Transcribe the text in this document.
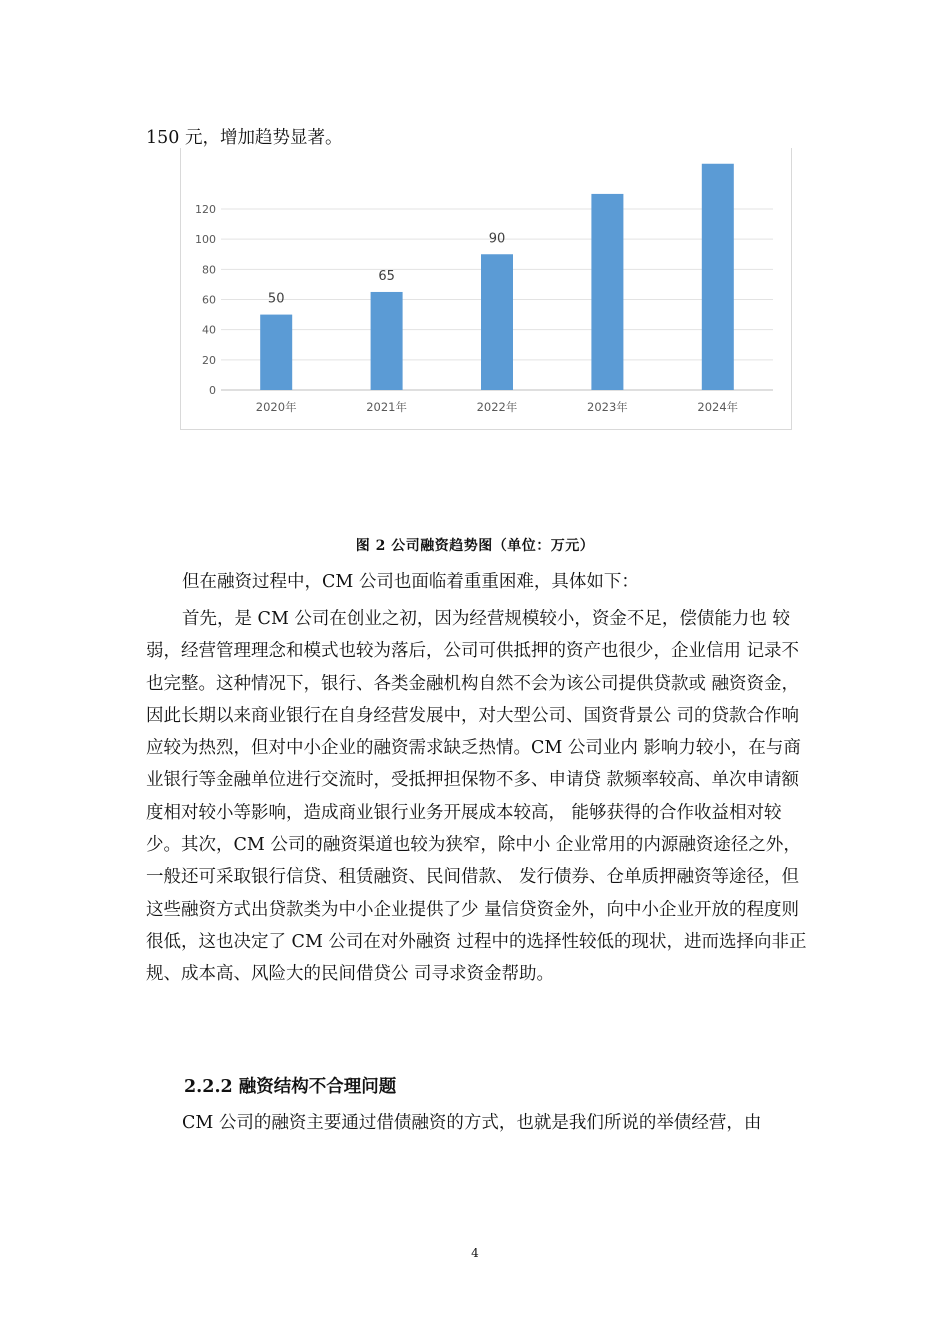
150 元，增加趋势显著。
0
20
40
60
80
100
120
2020年
50
2021年
65
2022年
90
2023年	2024年
图 2 公司融资趋势图（单位：万元）
但在融资过程中，CM 公司也面临着重重困难，具体如下：
首先，是 CM 公司在创业之初，因为经营规模较小，资金不足，偿债能力也 较弱，经营管理理念和模式也较为落后，公司可供抵押的资产也很少，企业信用 记录不也完整。这种情况下，银行、各类金融机构自然不会为该公司提供贷款或 融资资金，因此长期以来商业银行在自身经营发展中，对大型公司、国资背景公 司的贷款合作响应较为热烈，但对中小企业的融资需求缺乏热情。CM 公司业内 影响力较小，在与商业银行等金融单位进行交流时，受抵押担保物不多、申请贷 款频率较高、单次申请额度相对较小等影响，造成商业银行业务开展成本较高， 能够获得的合作收益相对较少。其次，CM 公司的融资渠道也较为狭窄，除中小 企业常用的内源融资途径之外，一般还可采取银行信贷、租赁融资、民间借款、 发行债券、仓单质押融资等途径，但这些融资方式出贷款类为中小企业提供了少 量信贷资金外，向中小企业开放的程度则很低，这也决定了 CM 公司在对外融资 过程中的选择性较低的现状，进而选择向非正规、成本高、风险大的民间借贷公 司寻求资金帮助。
2.2.2 融资结构不合理问题
CM 公司的融资主要通过借债融资的方式，也就是我们所说的举债经营，由
4
